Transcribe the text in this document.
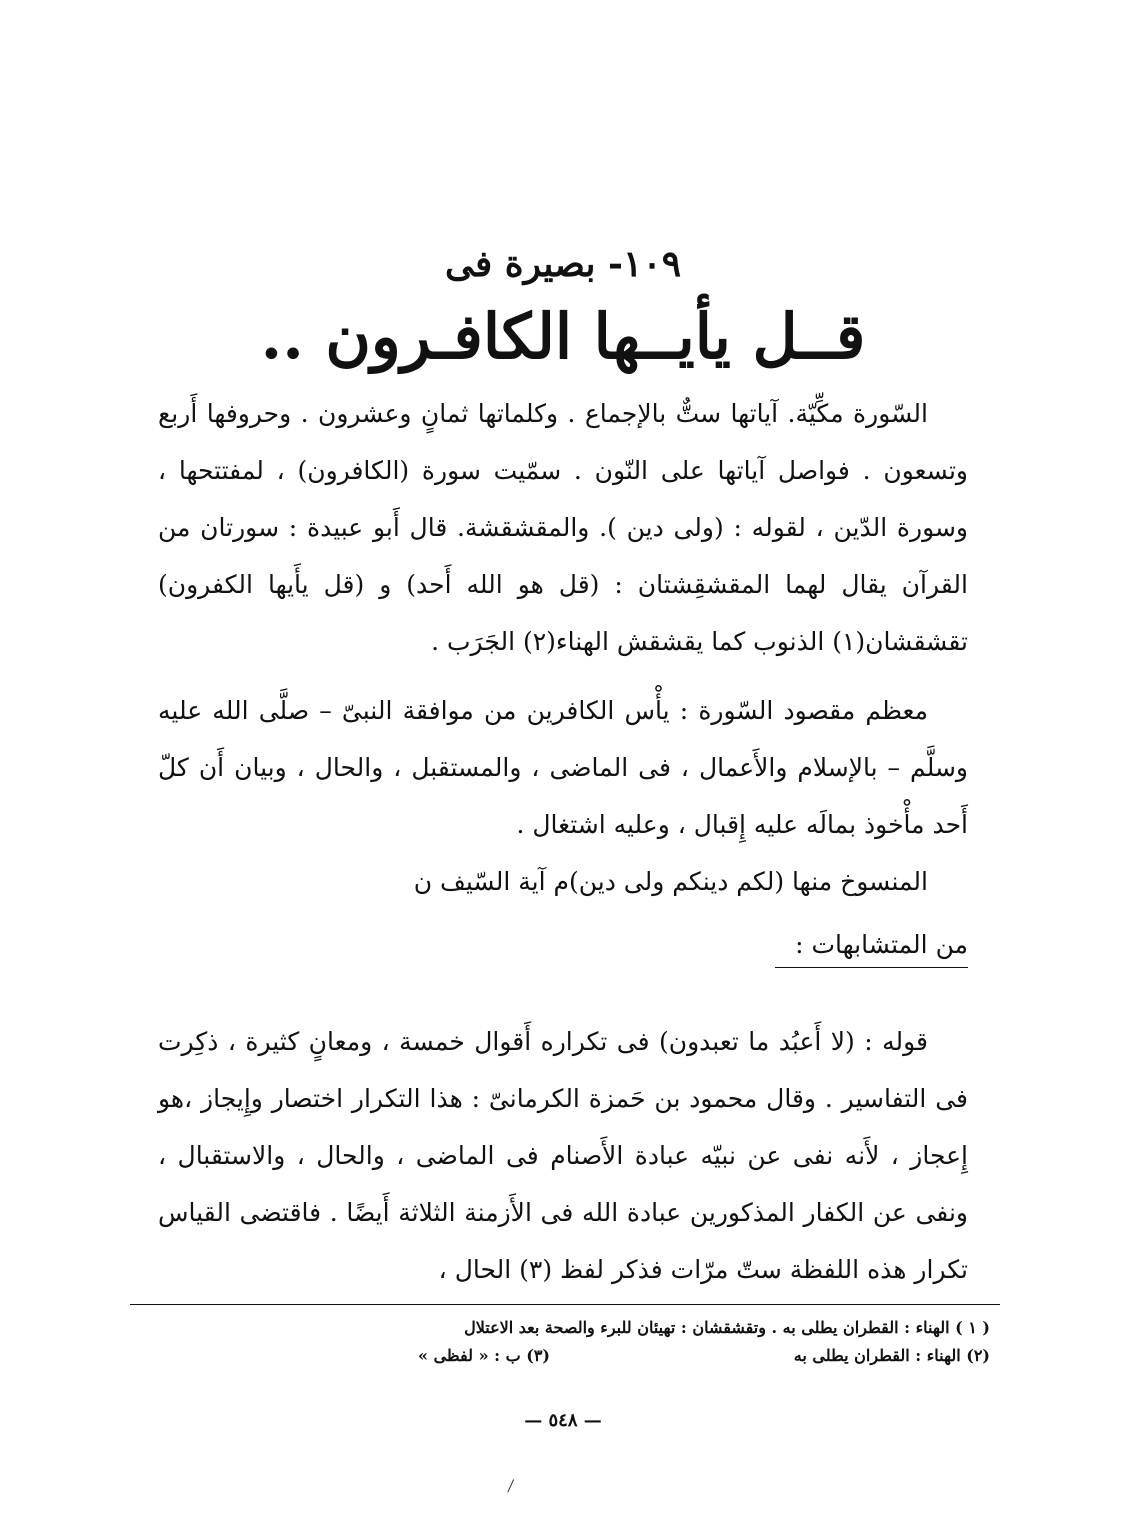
١٠٩- بصيرة فى
قــل يأيــها الكافـرون ..

السّورة مكِّيّة. آياتها ستٌّ بالإجماع . وكلماتها ثمانٍ وعشرون . وحروفها أَربع وتسعون . فواصل آياتها على النّون . سمّيت سورة (الكافرون) ، لمفتتحها ، وسورة الدّين ، لقوله : (ولى دين ). والمقشقشة. قال أَبو عبيدة : سورتان من القرآن يقال لهما المقشقِشتان : (قل هو الله أَحد) و (قل يأَيها الكفرون) تقشقشان(١) الذنوب كما يقشقش الهناء(٢) الجَرَب .

معظم مقصود السّورة : يأْس الكافرين من موافقة النبىّ – صلَّى الله عليه وسلَّم – بالإسلام والأَعمال ، فى الماضى ، والمستقبل ، والحال ، وبيان أَن كلّ أَحد مأْخوذ بمالَه عليه إِقبال ، وعليه اشتغال .

المنسوخ منها (لكم دينكم ولى دين)م آية السّيف ن

من المتشابهات :

قوله : (لا أَعبُد ما تعبدون) فى تكراره أَقوال خمسة ، ومعانٍ كثيرة ، ذكِرت فى التفاسير . وقال محمود بن حَمزة الكرمانىّ : هذا التكرار اختصار وإِيجاز ،هو إِعجاز ، لأَنه نفى عن نبيّه عبادة الأَصنام فى الماضى ، والحال ، والاستقبال ، ونفى عن الكفار المذكورين عبادة الله فى الأَزمنة الثلاثة أَيضًا . فاقتضى القياس تكرار هذه اللفظة ستّ مرّات فذكر لفظ (٣) الحال ،

( ١ ) الهناء : القطران يطلى به . وتقشقشان : تهيئان للبرء والصحة بعد الاعتلال
(٢) الهناء : القطران يطلى به
(٣) ب : « لفظى »
— ٥٤٨ —
